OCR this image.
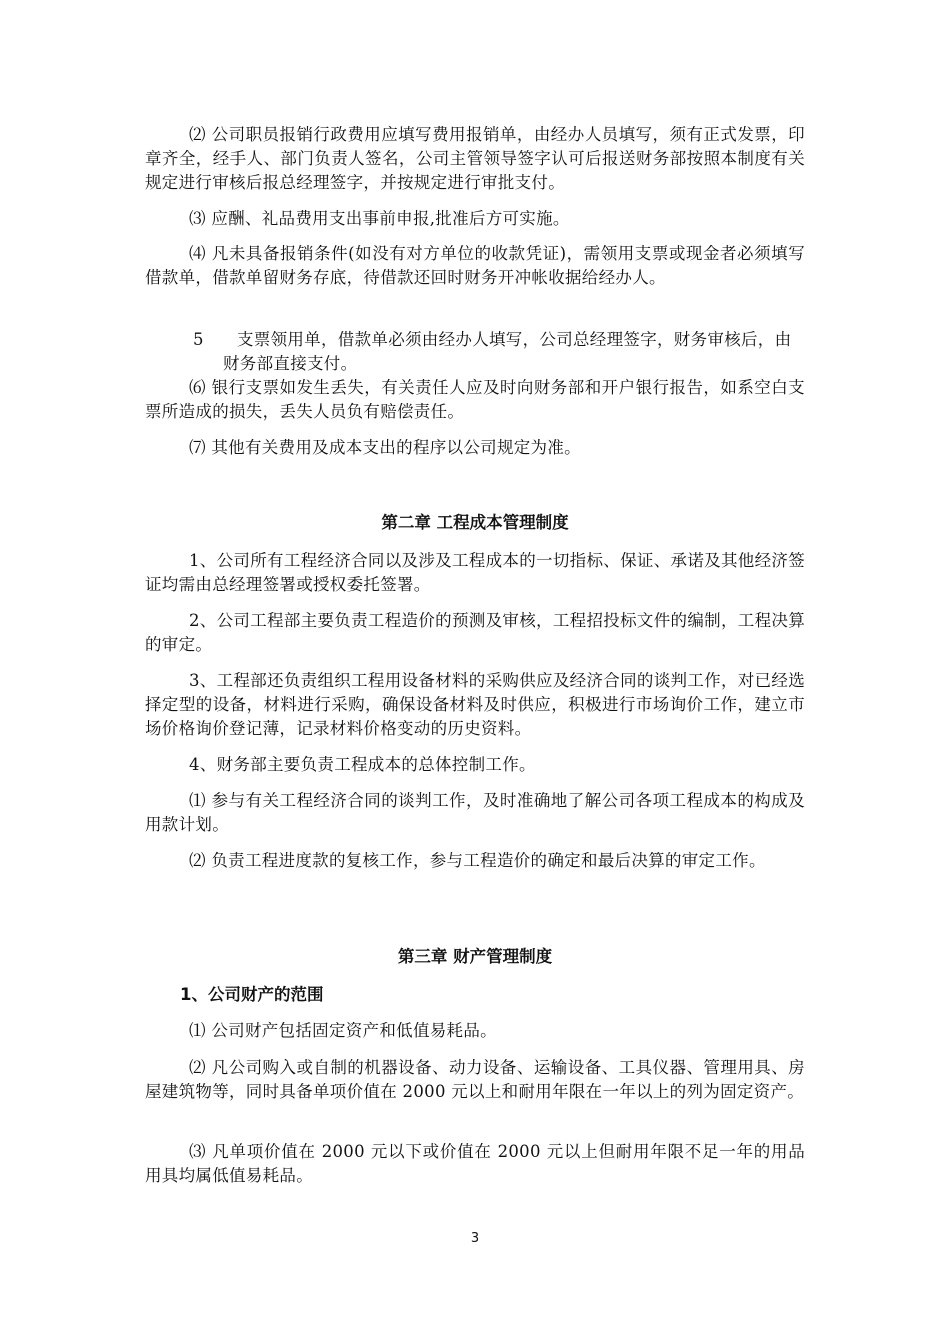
⑵ 公司职员报销行政费用应填写费用报销单，由经办人员填写，须有正式发票，印章齐全，经手人、部门负责人签名，公司主管领导签字认可后报送财务部按照本制度有关规定进行审核后报总经理签字，并按规定进行审批支付。

⑶ 应酬、礼品费用支出事前申报,批准后方可实施。

⑷ 凡未具备报销条件(如没有对方单位的收款凭证)，需领用支票或现金者必须填写借款单，借款单留财务存底，待借款还回时财务开冲帐收据给经办人。

5	支票领用单，借款单必须由经办人填写，公司总经理签字，财务审核后，由财务部直接支付。

⑹ 银行支票如发生丢失，有关责任人应及时向财务部和开户银行报告，如系空白支票所造成的损失，丢失人员负有赔偿责任。

⑺ 其他有关费用及成本支出的程序以公司规定为准。

第二章 工程成本管理制度

1、公司所有工程经济合同以及涉及工程成本的一切指标、保证、承诺及其他经济签证均需由总经理签署或授权委托签署。

2、公司工程部主要负责工程造价的预测及审核，工程招投标文件的编制，工程决算的审定。

3、工程部还负责组织工程用设备材料的采购供应及经济合同的谈判工作，对已经选择定型的设备，材料进行采购，确保设备材料及时供应，积极进行市场询价工作，建立市场价格询价登记薄，记录材料价格变动的历史资料。

4、财务部主要负责工程成本的总体控制工作。

⑴ 参与有关工程经济合同的谈判工作，及时准确地了解公司各项工程成本的构成及用款计划。

⑵ 负责工程进度款的复核工作，参与工程造价的确定和最后决算的审定工作。

第三章 财产管理制度

1、公司财产的范围

⑴ 公司财产包括固定资产和低值易耗品。

⑵ 凡公司购入或自制的机器设备、动力设备、运输设备、工具仪器、管理用具、房屋建筑物等，同时具备单项价值在 2000 元以上和耐用年限在一年以上的列为固定资产。

⑶ 凡单项价值在 2000 元以下或价值在 2000 元以上但耐用年限不足一年的用品用具均属低值易耗品。

3
